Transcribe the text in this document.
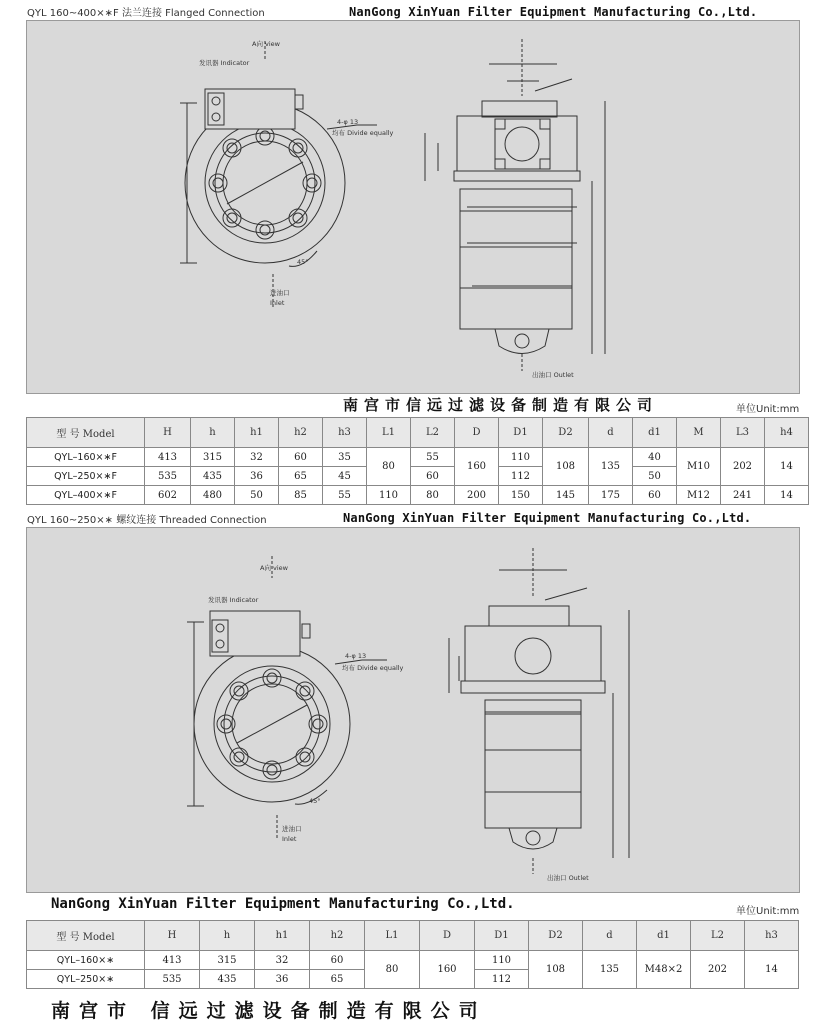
QYL 160~400×∗F 法兰连接 Flanged Connection	NanGong XinYuan Filter Equipment Manufacturing Co.,Ltd.
A向 view
发讯器 Indicator
4-φ 13
均布 Divide equally
进油口
Inlet
出油口 Outlet
45°
南宫市信远过滤设备制造有限公司	单位Unit:mm
型 号 Model	H	h	h1	h2	h3	L1	L2	D	D1	D2	d	d1	M	L3	h4
QYL–160×∗F	413	315	32	60	35	80	55	160	110	108	135	40	M10	202	14
QYL–250×∗F	535	435	36	65	45		60		112			50			
QYL–400×∗F	602	480	50	85	55	110	80	200	150	145	175	60	M12	241	14
QYL 160~250×∗ 螺纹连接 Threaded Connection	NanGong XinYuan Filter Equipment Manufacturing Co.,Ltd.
A向 view
发讯器 Indicator
4-φ 13
均布 Divide equally
进油口
Inlet
出油口 Outlet
45°
NanGong XinYuan Filter Equipment Manufacturing Co.,Ltd.	单位Unit:mm
型 号 Model	H	h	h1	h2	L1	D	D1	D2	d	d1	L2	h3
QYL–160×∗	413	315	32	60	80	160	110	108	135	M48×2	202	14
QYL–250×∗	535	435	36	65			112					
南宫市 信远过滤设备制造有限公司
